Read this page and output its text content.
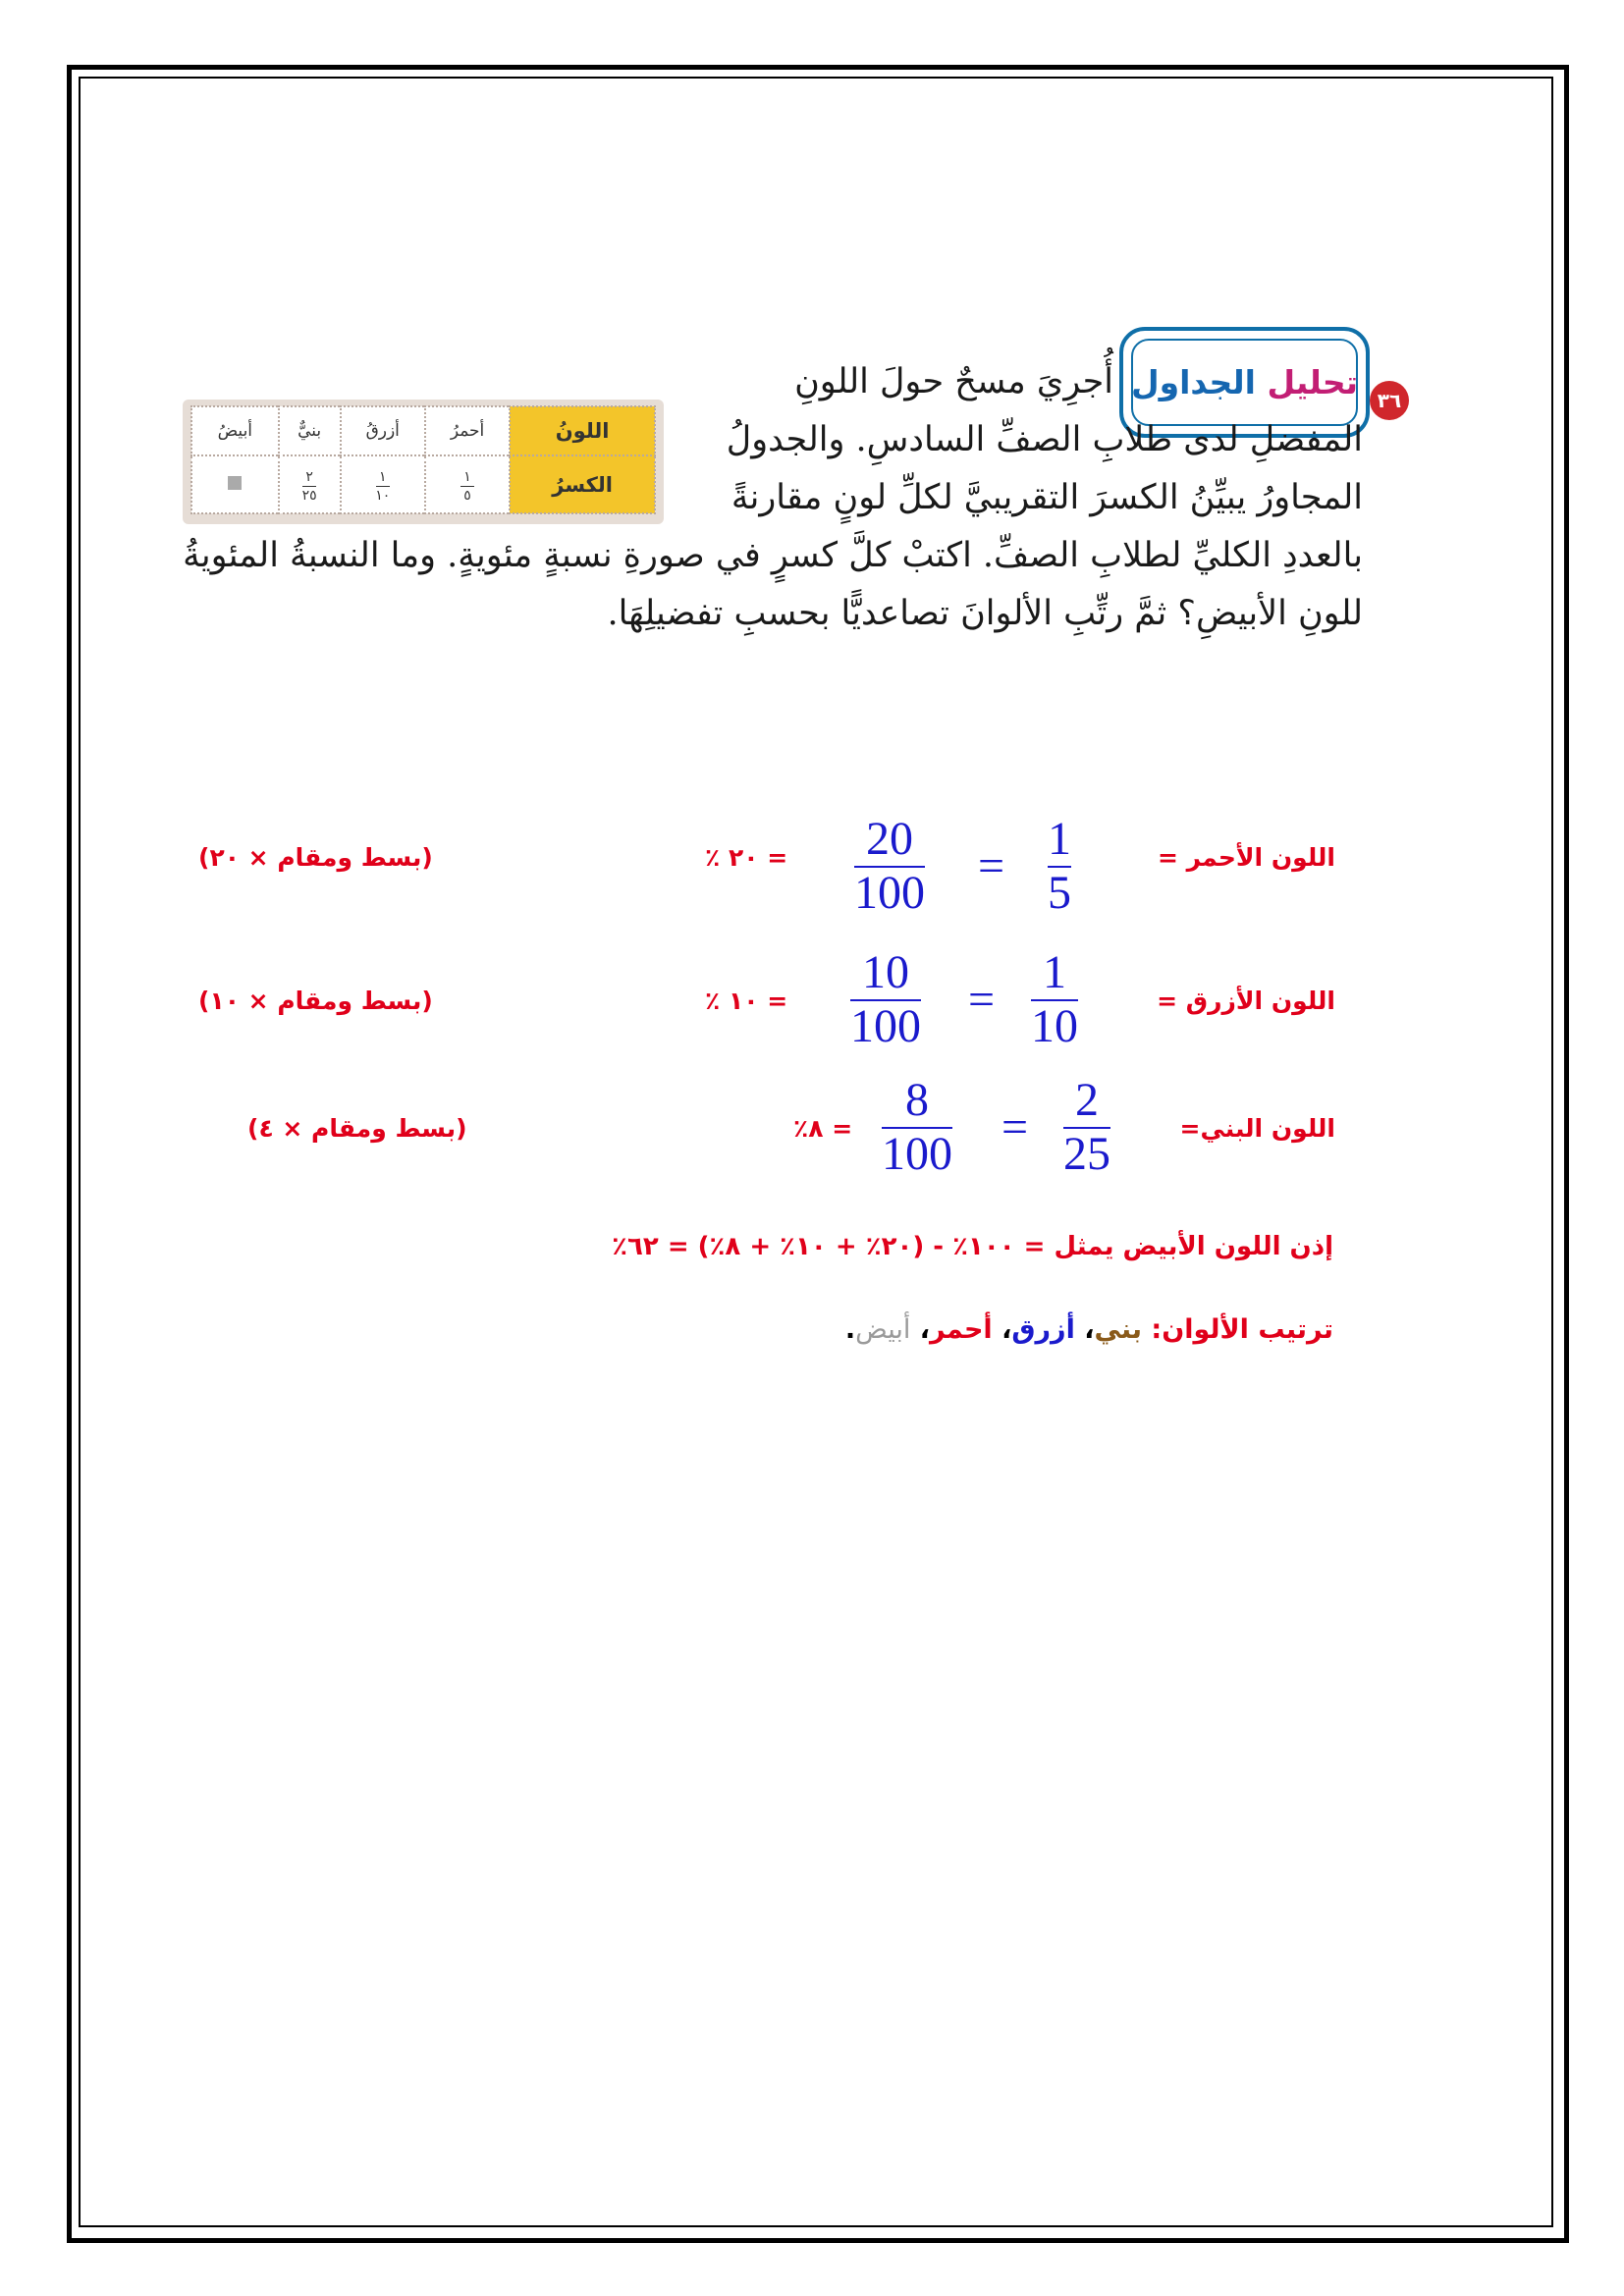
٣٦
تحليل الجداول
أُجرِيَ مسحٌ حولَ اللونِ
المفضلِ لدى طلابِ الصفِّ السادسِ. والجدولُ
المجاورُ يبيِّنُ الكسرَ التقريبيَّ لكلِّ لونٍ مقارنةً
بالعددِ الكليِّ لطلابِ الصفِّ. اكتبْ كلَّ كسرٍ في صورةِ نسبةٍ مئويةٍ. وما النسبةُ المئويةُ
للونِ الأبيضِ؟ ثمَّ رتِّبِ الألوانَ تصاعديًّا بحسبِ تفضيلِهَا.
اللونُ	أحمرُ	أزرقُ	بنيٌّ	أبيضُ
الكسرُ	$\frac{١}{٥}$	$\frac{١}{١٠}$	$\frac{٢}{٢٥}$

اللون الأحمر =
1
5
=
20
100
= ٢٠ ٪
(بسط ومقام × ٢٠)
اللون الأزرق =
1
10
=
10
100
= ١٠ ٪
(بسط ومقام × ١٠)
اللون البني=
2
25
=
8
100
= ٨٪
(بسط ومقام × ٤)
إذن اللون الأبيض يمثل = ١٠٠٪ - (٢٠٪ + ١٠٪ + ٨٪) = ٦٢٪
ترتيب الألوان: بني، أزرق، أحمر، أبيض.
